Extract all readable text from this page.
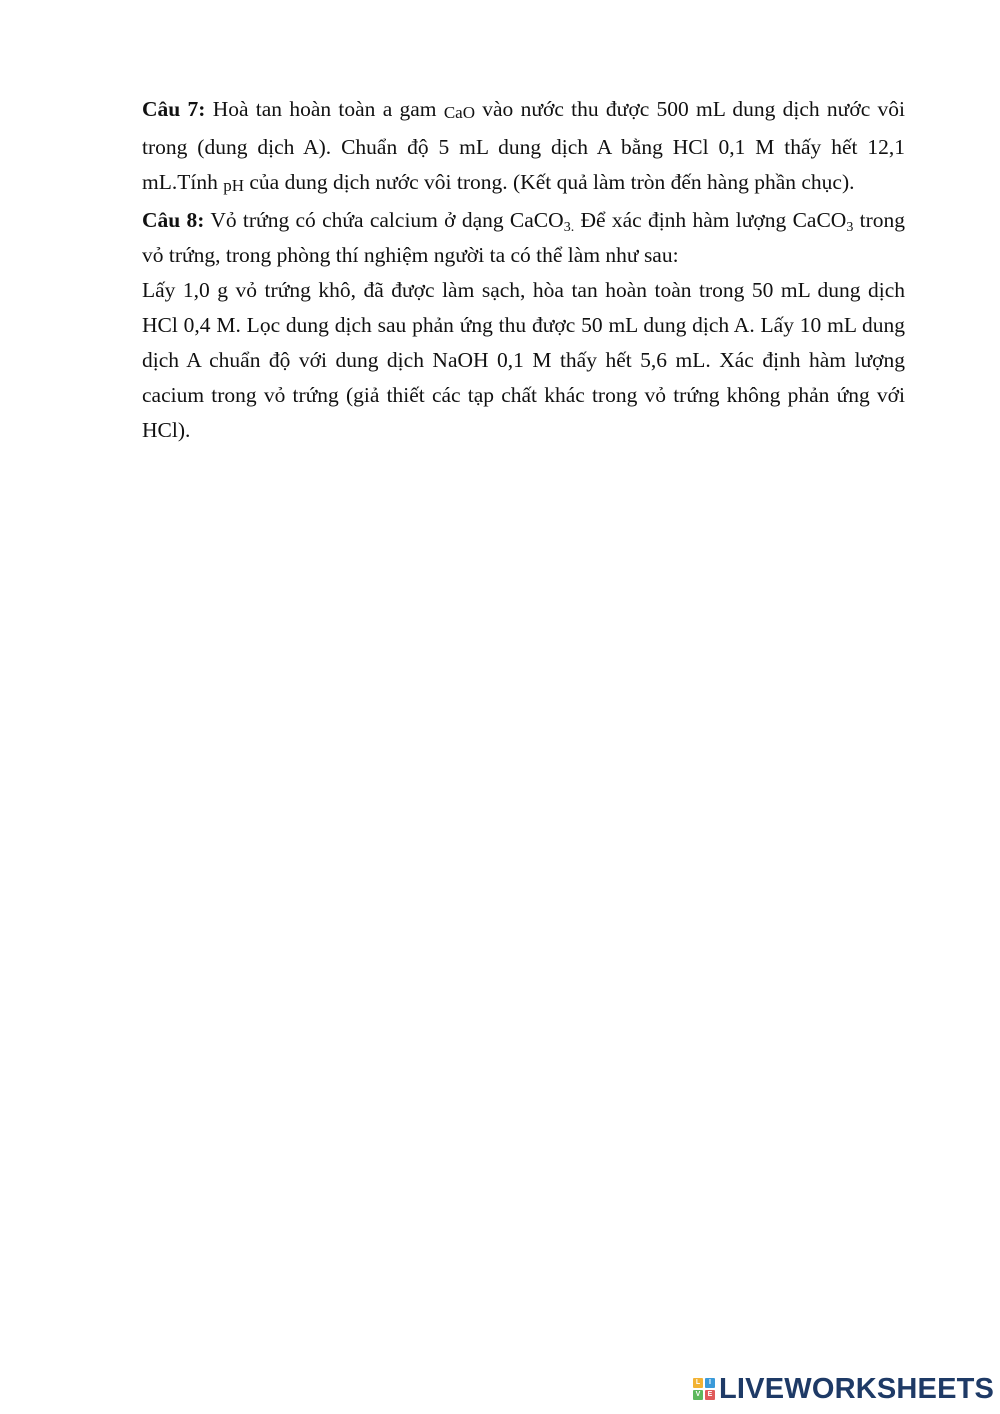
Câu 7: Hoà tan hoàn toàn a gam CaO vào nước thu được 500 mL dung dịch nước vôi trong (dung dịch A). Chuẩn độ 5 mL dung dịch A bằng HCl 0,1 M thấy hết 12,1 mL.Tính pH của dung dịch nước vôi trong. (Kết quả làm tròn đến hàng phần chục).

Câu 8: Vỏ trứng có chứa calcium ở dạng CaCO$_{3.}$ Để xác định hàm lượng CaCO$_3$ trong vỏ trứng, trong phòng thí nghiệm người ta có thể làm như sau:

Lấy 1,0 g vỏ trứng khô, đã được làm sạch, hòa tan hoàn toàn trong 50 mL dung dịch HCl 0,4 M. Lọc dung dịch sau phản ứng thu được 50 mL dung dịch A. Lấy 10 mL dung dịch A chuẩn độ với dung dịch NaOH 0,1 M thấy hết 5,6 mL. Xác định hàm lượng cacium trong vỏ trứng (giả thiết các tạp chất khác trong vỏ trứng không phản ứng với HCl).

L	I
V	E LIVEWORKSHEETS
